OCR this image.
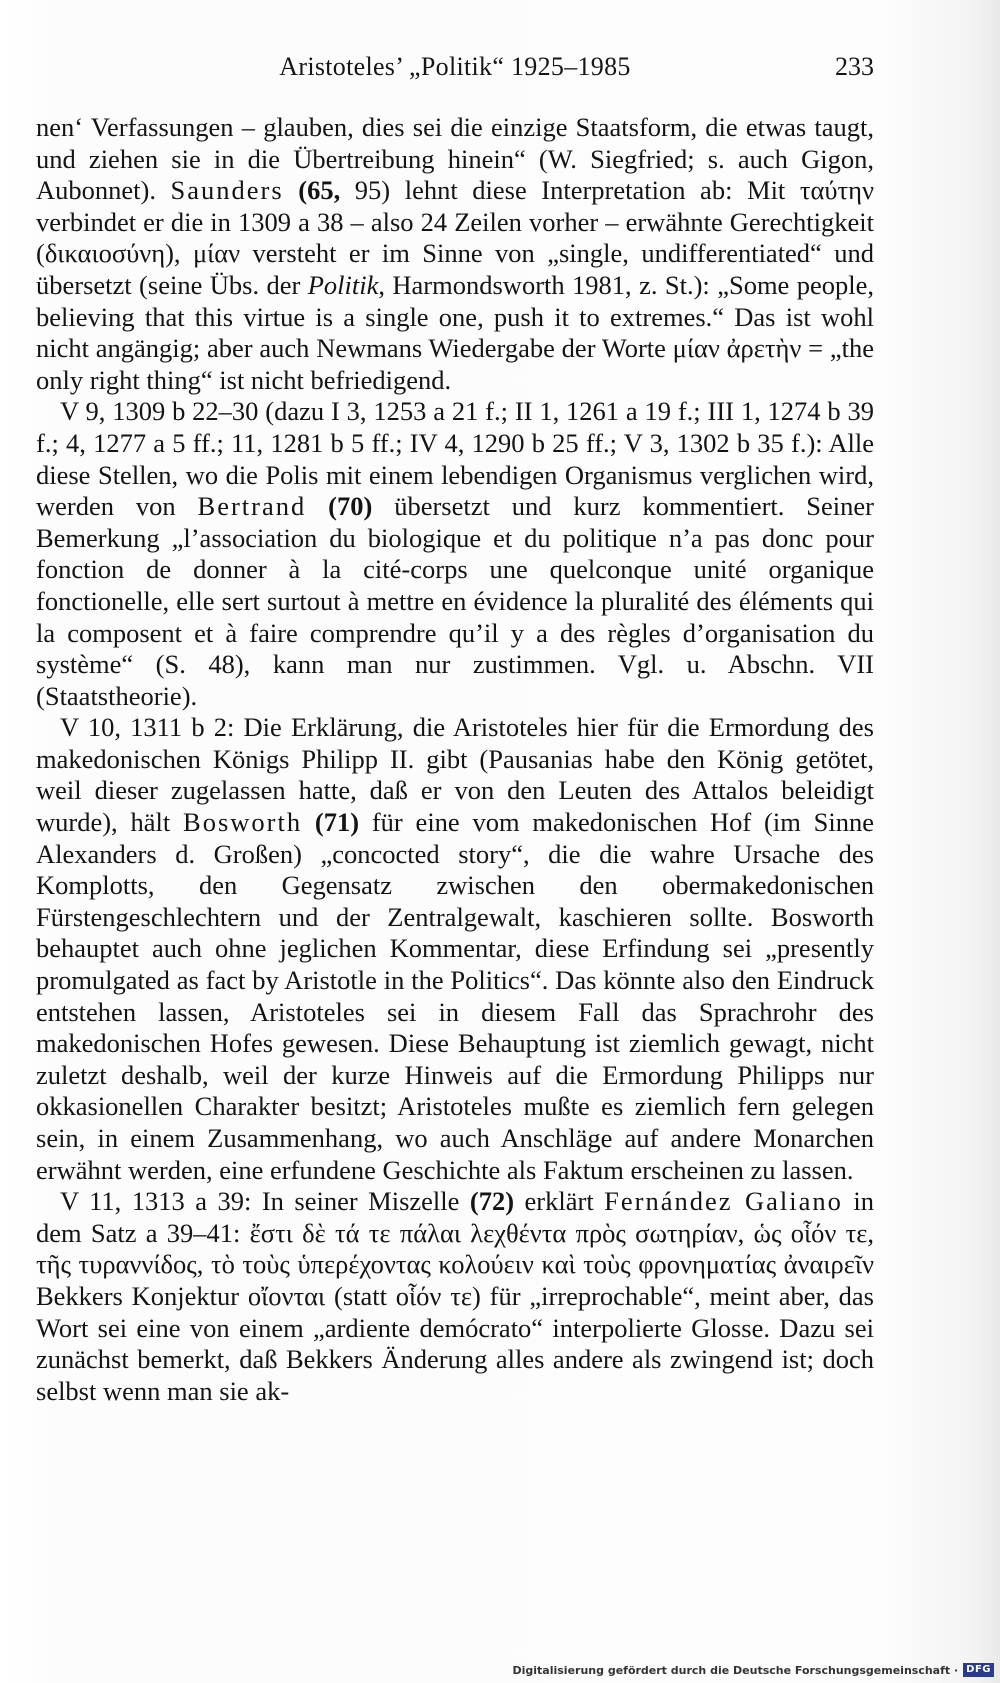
Aristoteles’ „Politik“ 1925–1985	233

nen‘ Verfassungen – glauben, dies sei die einzige Staatsform, die etwas taugt, und ziehen sie in die Übertreibung hinein“ (W. Siegfried; s. auch Gigon, Aubonnet). Saunders (65, 95) lehnt diese Interpretation ab: Mit ταύτην verbindet er die in 1309 a 38 – also 24 Zeilen vorher – erwähnte Gerechtigkeit (δικαιοσύνη), μίαν versteht er im Sinne von „single, undifferentiated“ und übersetzt (seine Übs. der Politik, Harmondsworth 1981, z. St.): „Some people, believing that this virtue is a single one, push it to extremes.“ Das ist wohl nicht angängig; aber auch Newmans Wiedergabe der Worte μίαν ἀρετὴν = „the only right thing“ ist nicht befriedigend.

V 9, 1309 b 22–30 (dazu I 3, 1253 a 21 f.; II 1, 1261 a 19 f.; III 1, 1274 b 39 f.; 4, 1277 a 5 ff.; 11, 1281 b 5 ff.; IV 4, 1290 b 25 ff.; V 3, 1302 b 35 f.): Alle diese Stellen, wo die Polis mit einem lebendigen Organismus verglichen wird, werden von Bertrand (70) übersetzt und kurz kommentiert. Seiner Bemerkung „l’association du biologique et du politique n’a pas donc pour fonction de donner à la cité-corps une quelconque unité organique fonctionelle, elle sert surtout à mettre en évidence la pluralité des éléments qui la composent et à faire comprendre qu’il y a des règles d’organisation du système“ (S. 48), kann man nur zustimmen. Vgl. u. Abschn. VII (Staatstheorie).

V 10, 1311 b 2: Die Erklärung, die Aristoteles hier für die Ermordung des makedonischen Königs Philipp II. gibt (Pausanias habe den König getötet, weil dieser zugelassen hatte, daß er von den Leuten des Attalos beleidigt wurde), hält Bosworth (71) für eine vom makedonischen Hof (im Sinne Alexanders d. Großen) „concocted story“, die die wahre Ursache des Komplotts, den Gegensatz zwischen den obermakedonischen Fürstengeschlechtern und der Zentralgewalt, kaschieren sollte. Bosworth behauptet auch ohne jeglichen Kommentar, diese Erfindung sei „presently promulgated as fact by Aristotle in the Politics“. Das könnte also den Eindruck entstehen lassen, Aristoteles sei in diesem Fall das Sprachrohr des makedonischen Hofes gewesen. Diese Behauptung ist ziemlich gewagt, nicht zuletzt deshalb, weil der kurze Hinweis auf die Ermordung Philipps nur okkasionellen Charakter besitzt; Aristoteles mußte es ziemlich fern gelegen sein, in einem Zusammenhang, wo auch Anschläge auf andere Monarchen erwähnt werden, eine erfundene Geschichte als Faktum erscheinen zu lassen.

V 11, 1313 a 39: In seiner Miszelle (72) erklärt Fernández Galiano in dem Satz a 39–41: ἔστι δὲ τά τε πάλαι λεχθέντα πρὸς σωτηρίαν, ὡς οἷόν τε, τῆς τυραννίδος, τὸ τοὺς ὑπερέχοντας κολούειν καὶ τοὺς φρονηματίας ἀναιρεῖν Bekkers Konjektur οἴονται (statt οἷόν τε) für „irreprochable“, meint aber, das Wort sei eine von einem „ardiente demócrato“ interpolierte Glosse. Dazu sei zunächst bemerkt, daß Bekkers Änderung alles andere als zwingend ist; doch selbst wenn man sie ak-

Digitalisierung gefördert durch die Deutsche Forschungsgemeinschaft · DFG
